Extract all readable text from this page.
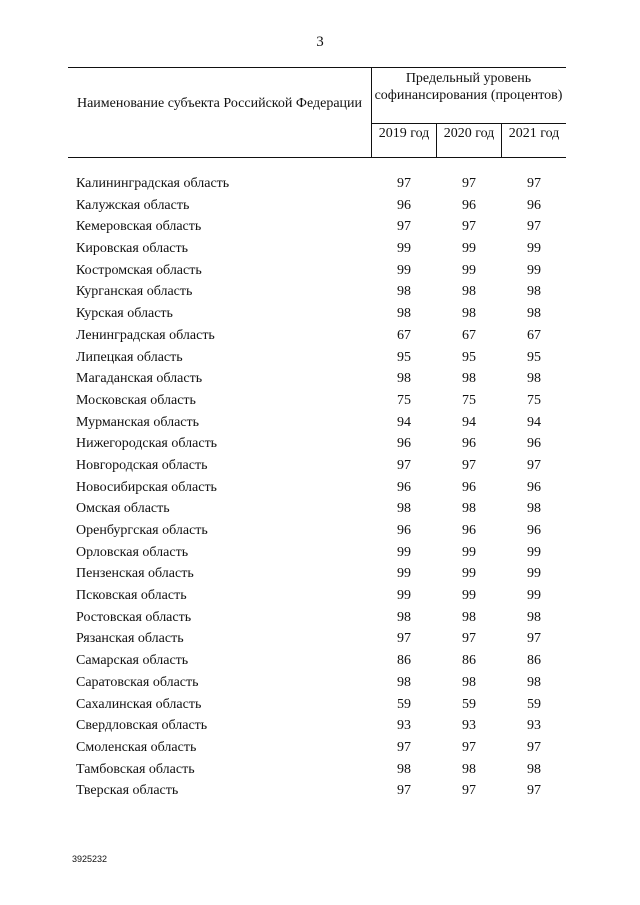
3
Наименование субъекта Российской Федерации
Предельный уровень софинансирования (процентов)
2019 год	2020 год	2021 год
Калининградская область	97	97	97
Калужская область	96	96	96
Кемеровская область	97	97	97
Кировская область	99	99	99
Костромская область	99	99	99
Курганская область	98	98	98
Курская область	98	98	98
Ленинградская область	67	67	67
Липецкая область	95	95	95
Магаданская область	98	98	98
Московская область	75	75	75
Мурманская область	94	94	94
Нижегородская область	96	96	96
Новгородская область	97	97	97
Новосибирская область	96	96	96
Омская область	98	98	98
Оренбургская область	96	96	96
Орловская область	99	99	99
Пензенская область	99	99	99
Псковская область	99	99	99
Ростовская область	98	98	98
Рязанская область	97	97	97
Самарская область	86	86	86
Саратовская область	98	98	98
Сахалинская область	59	59	59
Свердловская область	93	93	93
Смоленская область	97	97	97
Тамбовская область	98	98	98
Тверская область	97	97	97
3925232
